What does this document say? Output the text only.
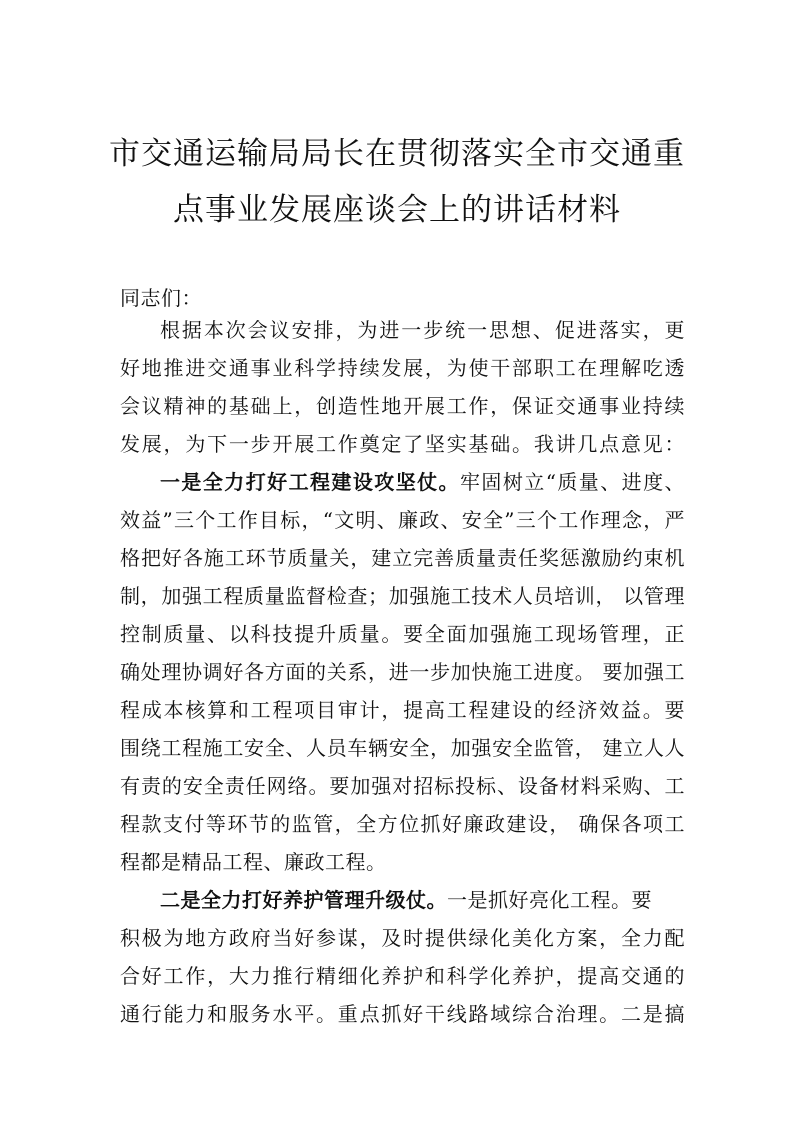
市交通运输局局长在贯彻落实全市交通重
点事业发展座谈会上的讲话材料

同志们：

根据本次会议安排，为进一步统一思想、促进落实，更

好地推进交通事业科学持续发展，为使干部职工在理解吃透

会议精神的基础上，创造性地开展工作，保证交通事业持续

发展，为下一步开展工作奠定了坚实基础。我讲几点意见：

一是全力打好工程建设攻坚仗。牢固树立“质量、进度、

效益”三个工作目标，“文明、廉政、安全”三个工作理念，严

格把好各施工环节质量关，建立完善质量责任奖惩激励约束机

制，加强工程质量监督检查；加强施工技术人员培训， 以管理

控制质量、以科技提升质量。要全面加强施工现场管理，正

确处理协调好各方面的关系，进一步加快施工进度。 要加强工

程成本核算和工程项目审计，提高工程建设的经济效益。要

围绕工程施工安全、人员车辆安全，加强安全监管， 建立人人

有责的安全责任网络。要加强对招标投标、设备材料采购、工

程款支付等环节的监管，全方位抓好廉政建设， 确保各项工

程都是精品工程、廉政工程。

二是全力打好养护管理升级仗。一是抓好亮化工程。要

积极为地方政府当好参谋，及时提供绿化美化方案，全力配

合好工作，大力推行精细化养护和科学化养护，提高交通的

通行能力和服务水平。重点抓好干线路域综合治理。二是搞
